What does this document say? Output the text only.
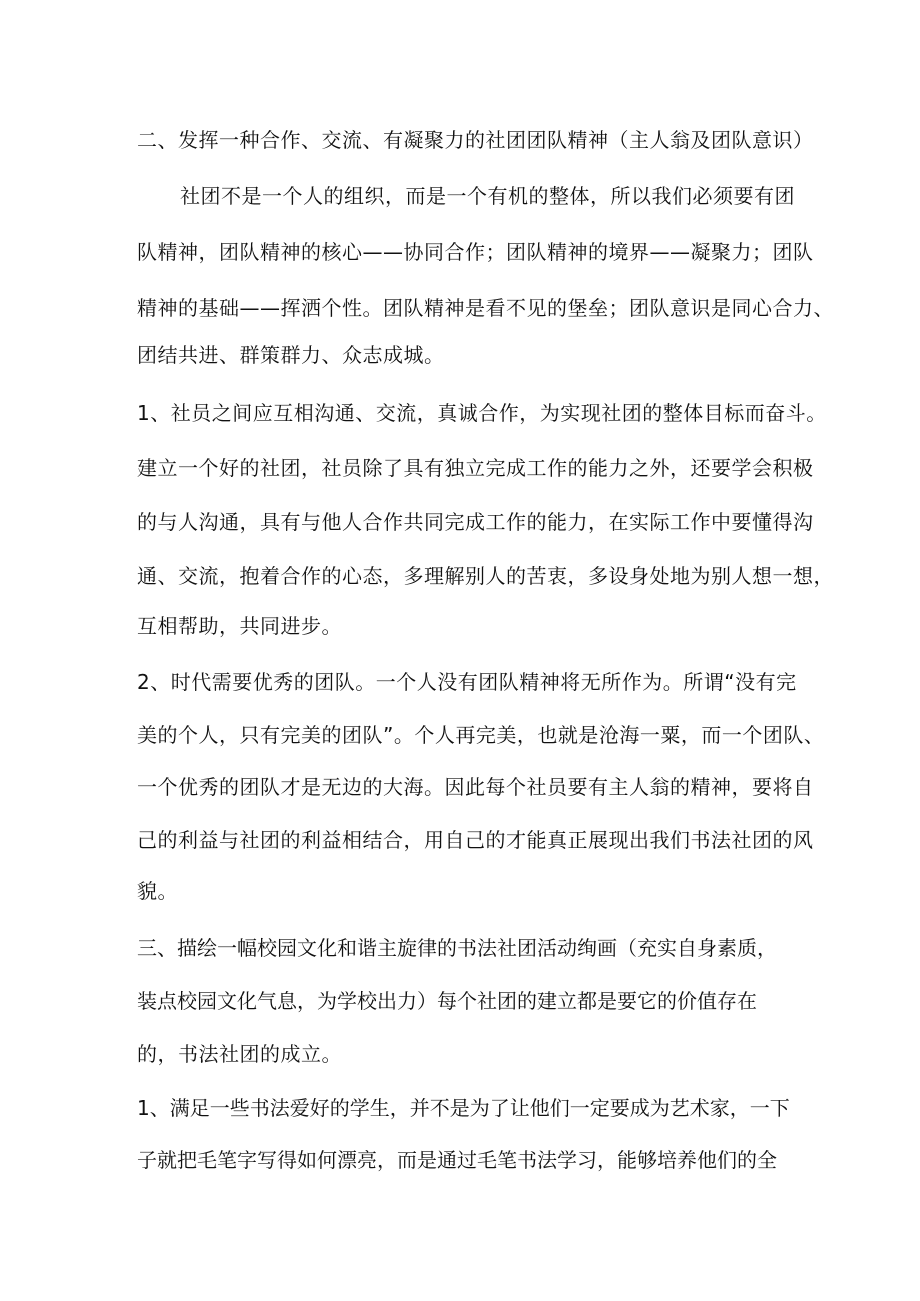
二、发挥一种合作、交流、有凝聚力的社团团队精神（主人翁及团队意识）
社团不是一个人的组织，而是一个有机的整体，所以我们必须要有团
队精神，团队精神的核心——协同合作；团队精神的境界——凝聚力；团队
精神的基础——挥洒个性。团队精神是看不见的堡垒；团队意识是同心合力、
团结共进、群策群力、众志成城。
1、社员之间应互相沟通、交流，真诚合作，为实现社团的整体目标而奋斗。
建立一个好的社团，社员除了具有独立完成工作的能力之外，还要学会积极
的与人沟通，具有与他人合作共同完成工作的能力，在实际工作中要懂得沟
通、交流，抱着合作的心态，多理解别人的苦衷，多设身处地为别人想一想，
互相帮助，共同进步。
2、时代需要优秀的团队。一个人没有团队精神将无所作为。所谓“没有完
美的个人，只有完美的团队”。个人再完美，也就是沧海一粟，而一个团队、
一个优秀的团队才是无边的大海。因此每个社员要有主人翁的精神，要将自
己的利益与社团的利益相结合，用自己的才能真正展现出我们书法社团的风
貌。
三、描绘一幅校园文化和谐主旋律的书法社团活动绚画（充实自身素质，
装点校园文化气息，为学校出力）每个社团的建立都是要它的价值存在
的，书法社团的成立。
1、满足一些书法爱好的学生，并不是为了让他们一定要成为艺术家，一下
子就把毛笔字写得如何漂亮，而是通过毛笔书法学习，能够培养他们的全
